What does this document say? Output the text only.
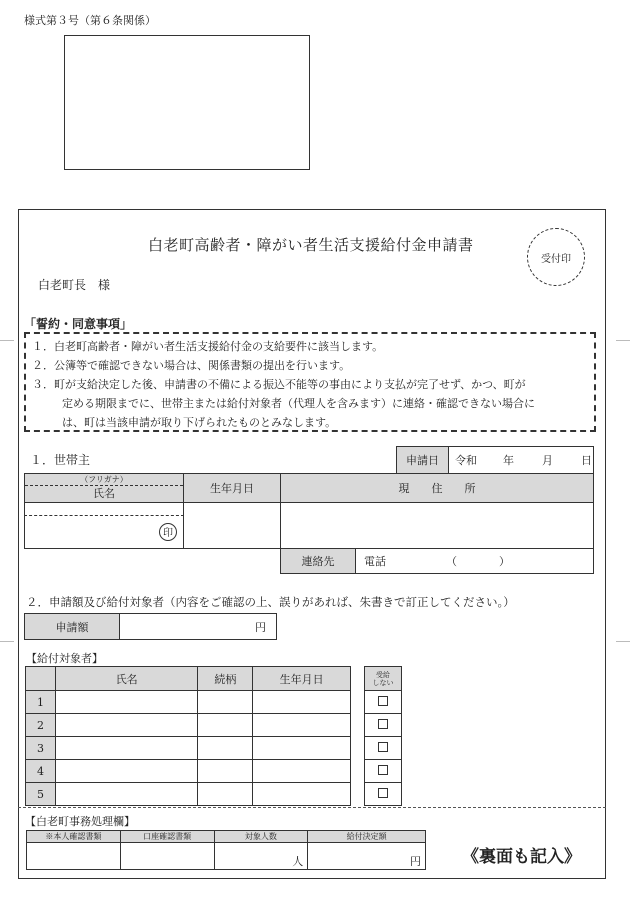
様式第３号（第６条関係）
白老町高齢者・障がい者生活支援給付金申請書
受付印
白老町長　様
「誓約・同意事項」
１．白老町高齢者・障がい者生活支援給付金の支給要件に該当します。
２．公簿等で確認できない場合は、関係書類の提出を行います。
３．町が支給決定した後、申請書の不備による振込不能等の事由により支払が完了せず、かつ、町が
定める期限までに、世帯主または給付対象者（代理人を含みます）に連絡・確認できない場合に
は、町は当該申請が取り下げられたものとみなします。
１．世帯主	申請日 令和 年	月	日
（フリガナ）
氏名	生年月日	現　　住　　所
印
連絡先	電話	（	）
２．申請額及び給付対象者（内容をご確認の上、誤りがあれば、朱書きで訂正してください。）
申請額	円
【給付対象者】
	氏名	続柄	生年月日
1			
2			
3			
4			
5			
受給
しない

【白老町事務処理欄】
※本人確認書類	口座確認書類	対象人数	給付決定額
		人	円 《裏面も記入》
